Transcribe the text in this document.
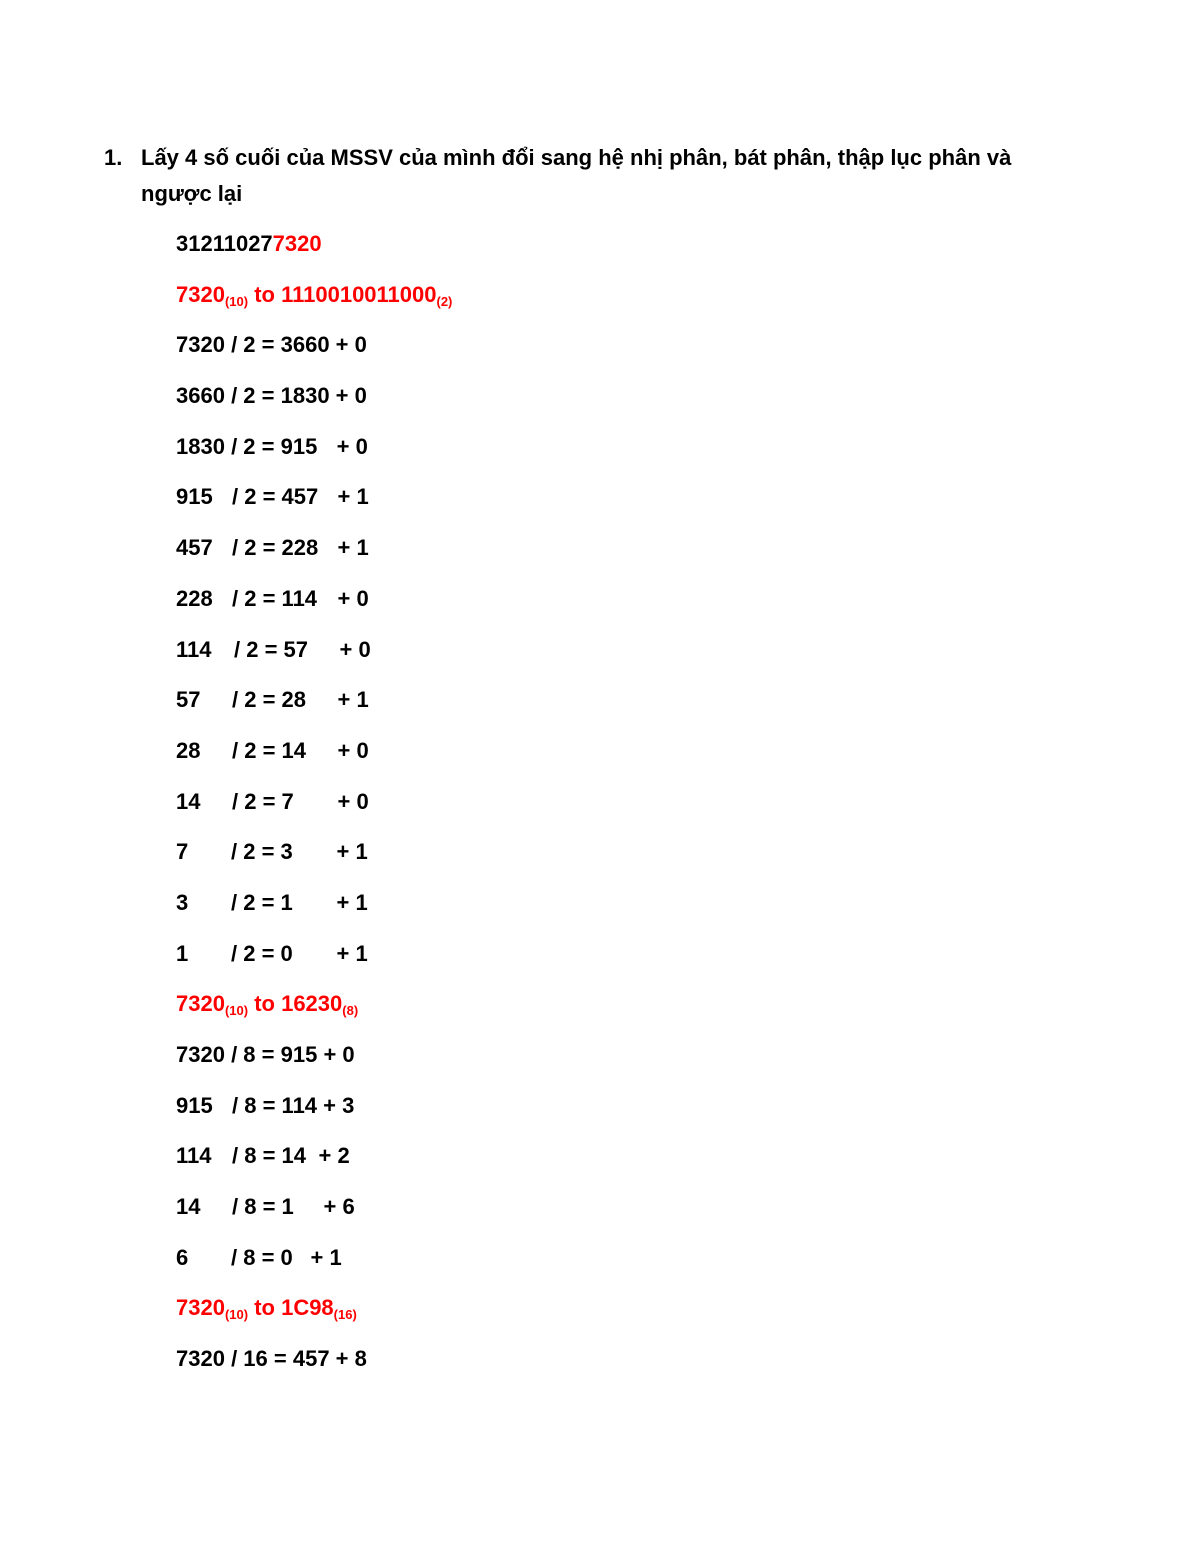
1. Lấy 4 số cuối của MSSV của mình đổi sang hệ nhị phân, bát phân, thập lục phân và ngược lại
312110277320
7320(10) to 1110010011000(2)
7320 / 2 = 3660 + 0
3660 / 2 = 1830 + 0
1830 / 2 = 915 + 0
915 / 2 = 457 + 1
457 / 2 = 228 + 1
228 / 2 = 114 + 0
114 / 2 = 57 + 0
57 / 2 = 28 + 1
28 / 2 = 14 + 0
14 / 2 = 7 + 0
7 / 2 = 3 + 1
3 / 2 = 1 + 1
1 / 2 = 0 + 1
7320(10) to 16230(8)
7320 / 8 = 915 + 0
915 / 8 = 114 + 3
114 / 8 = 14 + 2
14 / 8 = 1 + 6
6 / 8 = 0 + 1
7320(10) to 1C98(16)
7320 / 16 = 457 + 8
